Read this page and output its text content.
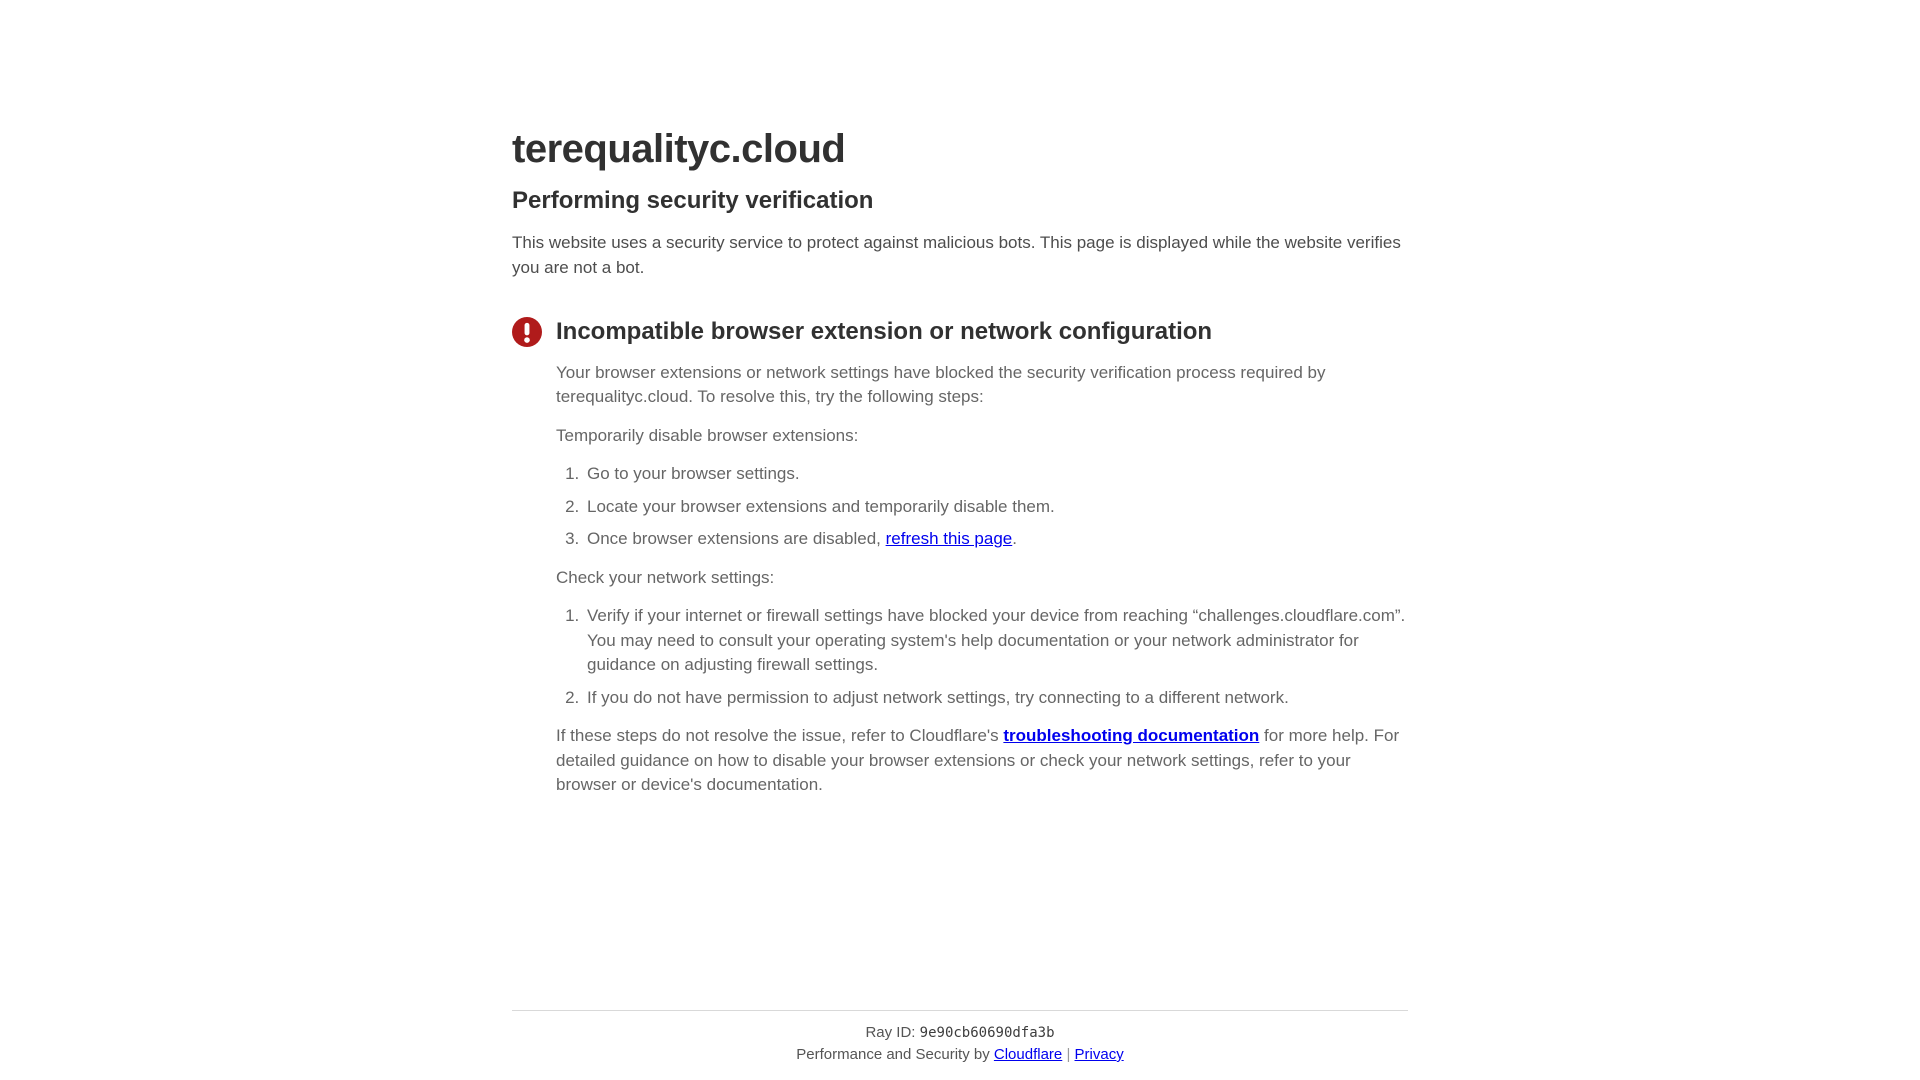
terequalityc.cloud
Performing security verification

This website uses a security service to protect against malicious bots. This page is displayed while the website verifies you are not a bot.

Incompatible browser extension or network configuration

Your browser extensions or network settings have blocked the security verification process required by terequalityc.cloud. To resolve this, try the following steps:

Temporarily disable browser extensions:

1. Go to your browser settings.
2. Locate your browser extensions and temporarily disable them.
3. Once browser extensions are disabled, refresh this page.

Check your network settings:

1. Verify if your internet or firewall settings have blocked your device from reaching “challenges.cloudflare.com”. You may need to consult your operating system's help documentation or your network administrator for guidance on adjusting firewall settings.
2. If you do not have permission to adjust network settings, try connecting to a different network.

If these steps do not resolve the issue, refer to Cloudflare's troubleshooting documentation for more help. For detailed guidance on how to disable your browser extensions or check your network settings, refer to your browser or device's documentation.

Ray ID: 9e90cb60690dfa3b
Performance and Security by Cloudflare | Privacy
